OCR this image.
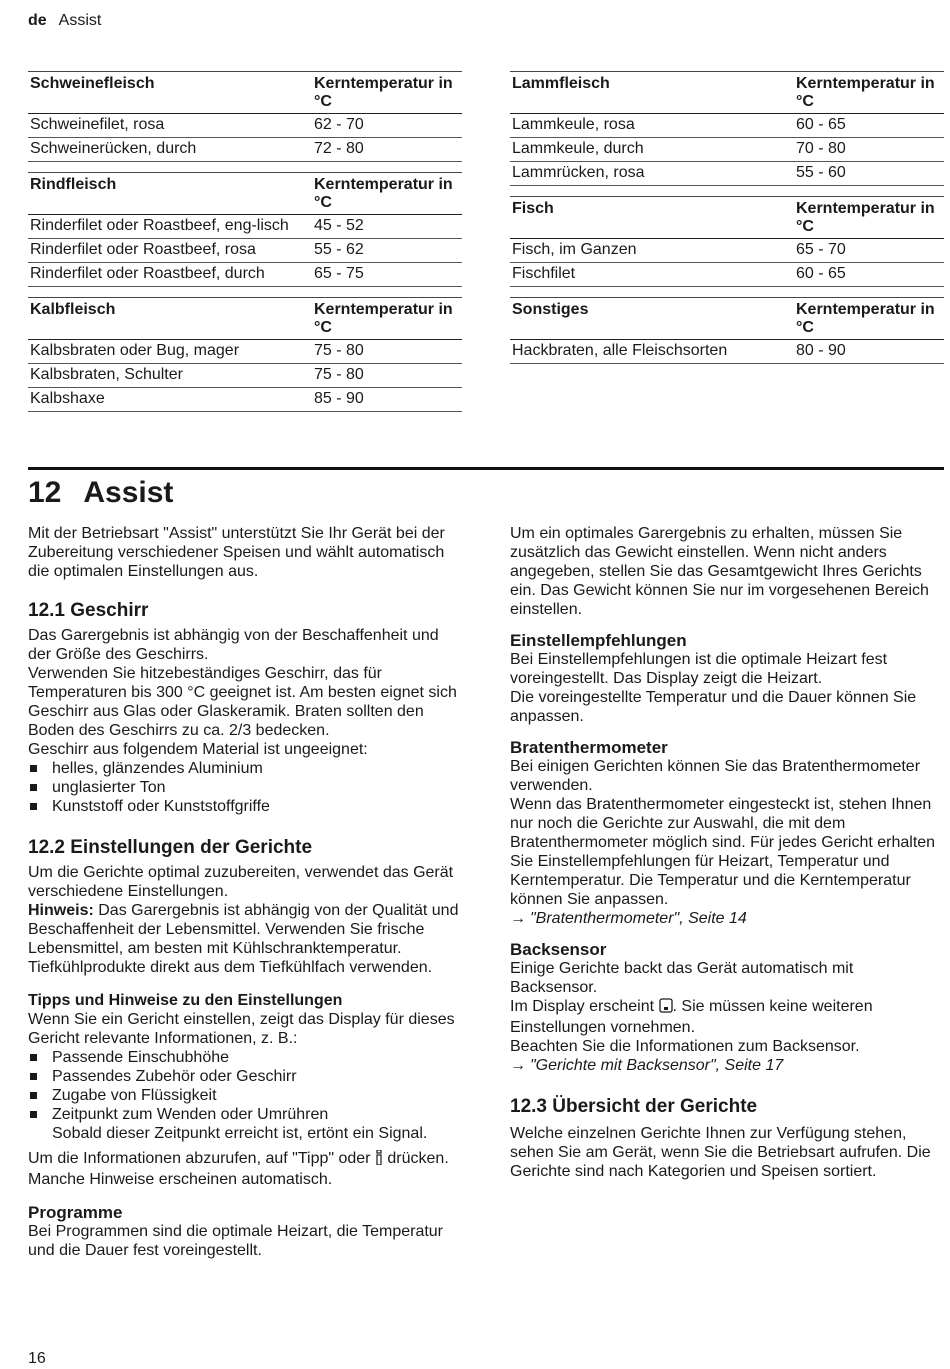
de Assist
Schweinefleisch	Kerntemperatur in °C
Schweinefilet, rosa	62 - 70
Schweinerücken, durch	72 - 80

Rindfleisch	Kerntemperatur in °C
Rinderfilet oder Roastbeef, eng-lisch	45 - 52
Rinderfilet oder Roastbeef, rosa	55 - 62
Rinderfilet oder Roastbeef, durch	65 - 75

Kalbfleisch	Kerntemperatur in °C
Kalbsbraten oder Bug, mager	75 - 80
Kalbsbraten, Schulter	75 - 80
Kalbshaxe	85 - 90
Lammfleisch	Kerntemperatur in °C
Lammkeule, rosa	60 - 65
Lammkeule, durch	70 - 80
Lammrücken, rosa	55 - 60

Fisch	Kerntemperatur in °C
Fisch, im Ganzen	65 - 70
Fischfilet	60 - 65

Sonstiges	Kerntemperatur in °C
Hackbraten, alle Fleischsorten	80 - 90
12 Assist

Mit der Betriebsart "Assist" unterstützt Sie Ihr Gerät bei der Zubereitung verschiedener Speisen und wählt automatisch die optimalen Einstellungen aus.

12.1 Geschirr

Das Garergebnis ist abhängig von der Beschaffenheit und der Größe des Geschirrs.

Verwenden Sie hitzebeständiges Geschirr, das für Temperaturen bis 300 °C geeignet ist. Am besten eignet sich Geschirr aus Glas oder Glaskeramik. Braten sollten den Boden des Geschirrs zu ca. 2/3 bedecken.

Geschirr aus folgendem Material ist ungeeignet:

helles, glänzendes Aluminium
unglasierter Ton
Kunststoff oder Kunststoffgriffe
12.2 Einstellungen der Gerichte

Um die Gerichte optimal zuzubereiten, verwendet das Gerät verschiedene Einstellungen.

Hinweis: Das Garergebnis ist abhängig von der Qualität und Beschaffenheit der Lebensmittel. Verwenden Sie frische Lebensmittel, am besten mit Kühlschranktemperatur. Tiefkühlprodukte direkt aus dem Tiefkühlfach verwenden.

Tipps und Hinweise zu den Einstellungen

Wenn Sie ein Gericht einstellen, zeigt das Display für dieses Gericht relevante Informationen, z. B.:

Passende Einschubhöhe
Passendes Zubehör oder Geschirr
Zugabe von Flüssigkeit
Zeitpunkt zum Wenden oder Umrühren
Sobald dieser Zeitpunkt erreicht ist, ertönt ein Signal.

Um die Informationen abzurufen, auf "Tipp" oder  drücken. Manche Hinweise erscheinen automatisch.

Programme

Bei Programmen sind die optimale Heizart, die Temperatur und die Dauer fest voreingestellt.

Um ein optimales Garergebnis zu erhalten, müssen Sie zusätzlich das Gewicht einstellen. Wenn nicht anders angegeben, stellen Sie das Gesamtgewicht Ihres Gerichts ein. Das Gewicht können Sie nur im vorgesehenen Bereich einstellen.

Einstellempfehlungen

Bei Einstellempfehlungen ist die optimale Heizart fest voreingestellt. Das Display zeigt die Heizart.

Die voreingestellte Temperatur und die Dauer können Sie anpassen.

Bratenthermometer

Bei einigen Gerichten können Sie das Bratenthermometer verwenden.

Wenn das Bratenthermometer eingesteckt ist, stehen Ihnen nur noch die Gerichte zur Auswahl, die mit dem Bratenthermometer möglich sind. Für jedes Gericht erhalten Sie Einstellempfehlungen für Heizart, Temperatur und Kerntemperatur. Die Temperatur und die Kerntemperatur können Sie anpassen.

→ "Bratenthermometer", Seite 14

Backsensor

Einige Gerichte backt das Gerät automatisch mit Backsensor.

Im Display erscheint . Sie müssen keine weiteren Einstellungen vornehmen.

Beachten Sie die Informationen zum Backsensor.

→ "Gerichte mit Backsensor", Seite 17

12.3 Übersicht der Gerichte

Welche einzelnen Gerichte Ihnen zur Verfügung stehen, sehen Sie am Gerät, wenn Sie die Betriebsart aufrufen. Die Gerichte sind nach Kategorien und Speisen sortiert.

16
